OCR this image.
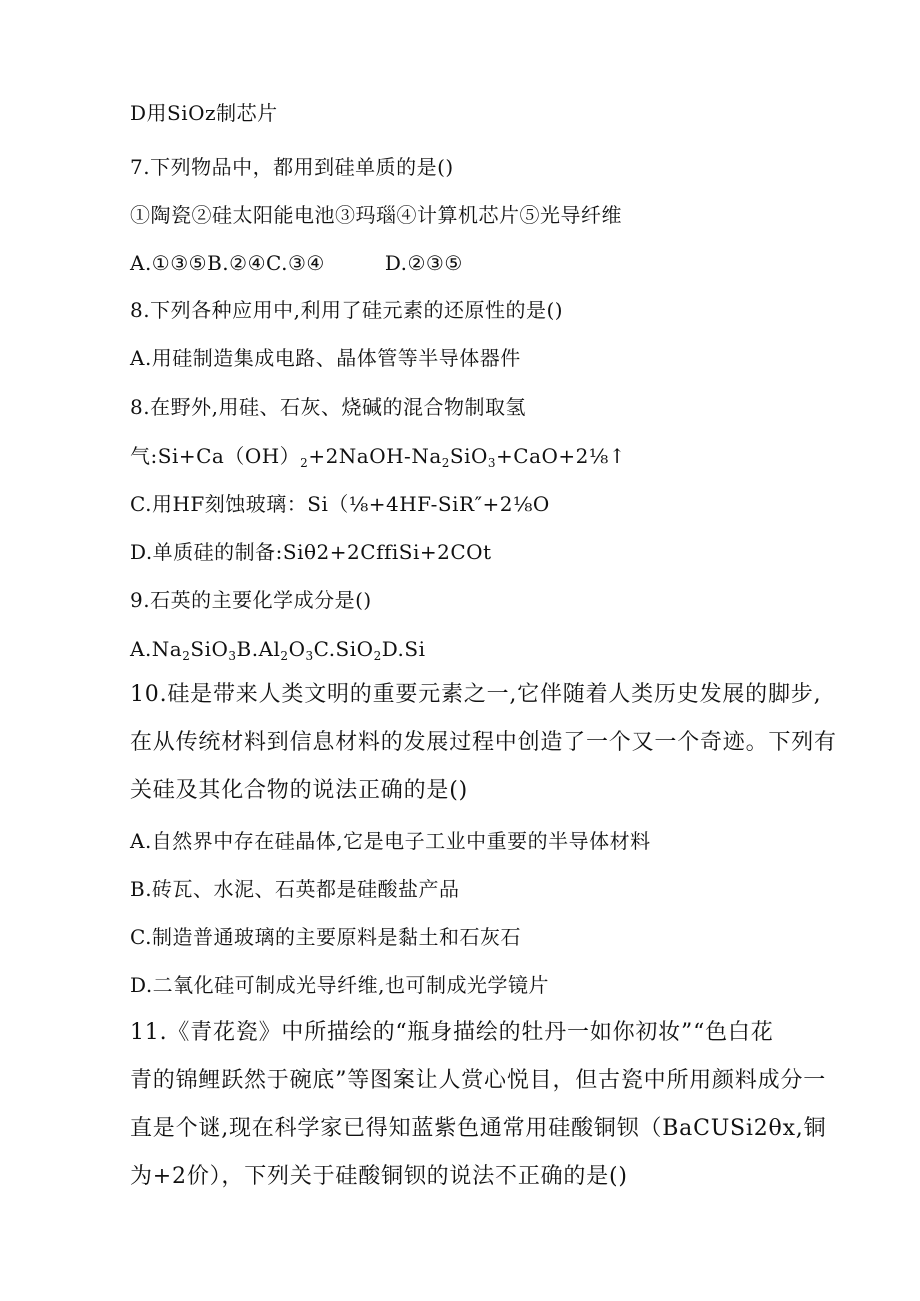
D用SiOz制芯片
7.下列物品中，都用到硅单质的是()
①陶瓷②硅太阳能电池③玛瑙④计算机芯片⑤光导纤维
A.①③⑤B.②④C.③④	D.②③⑤
8.下列各种应用中,利用了硅元素的还原性的是()
A.用硅制造集成电路、晶体管等半导体器件
8.在野外,用硅、石灰、烧碱的混合物制取氢
气$:Si+Ca(OH)_2+2NaOH-Na_2SiO_3+CaO+2\frac{1}{8}↑$
C.用HF刻蚀玻璃：Si（⅛+4HF-SiR″+2⅛O
D.单质硅的制备:Siθ2+2CffiSi+2COt
9.石英的主要化学成分是()
$A.Na_2SiO_3B.Al_2O_3C.SiO_2D.Si$
10.硅是带来人类文明的重要元素之一,它伴随着人类历史发展的脚步,
在从传统材料到信息材料的发展过程中创造了一个又一个奇迹。下列有
关硅及其化合物的说法正确的是()
A.自然界中存在硅晶体,它是电子工业中重要的半导体材料
B.砖瓦、水泥、石英都是硅酸盐产品
C.制造普通玻璃的主要原料是黏土和石灰石
D.二氧化硅可制成光导纤维,也可制成光学镜片
11.《青花瓷》中所描绘的“瓶身描绘的牡丹一如你初妆”“色白花
青的锦鲤跃然于碗底”等图案让人赏心悦目，但古瓷中所用颜料成分一
直是个谜,现在科学家已得知蓝紫色通常用硅酸铜钡（BaCUSi2θx,铜
为+2价），下列关于硅酸铜钡的说法不正确的是()
